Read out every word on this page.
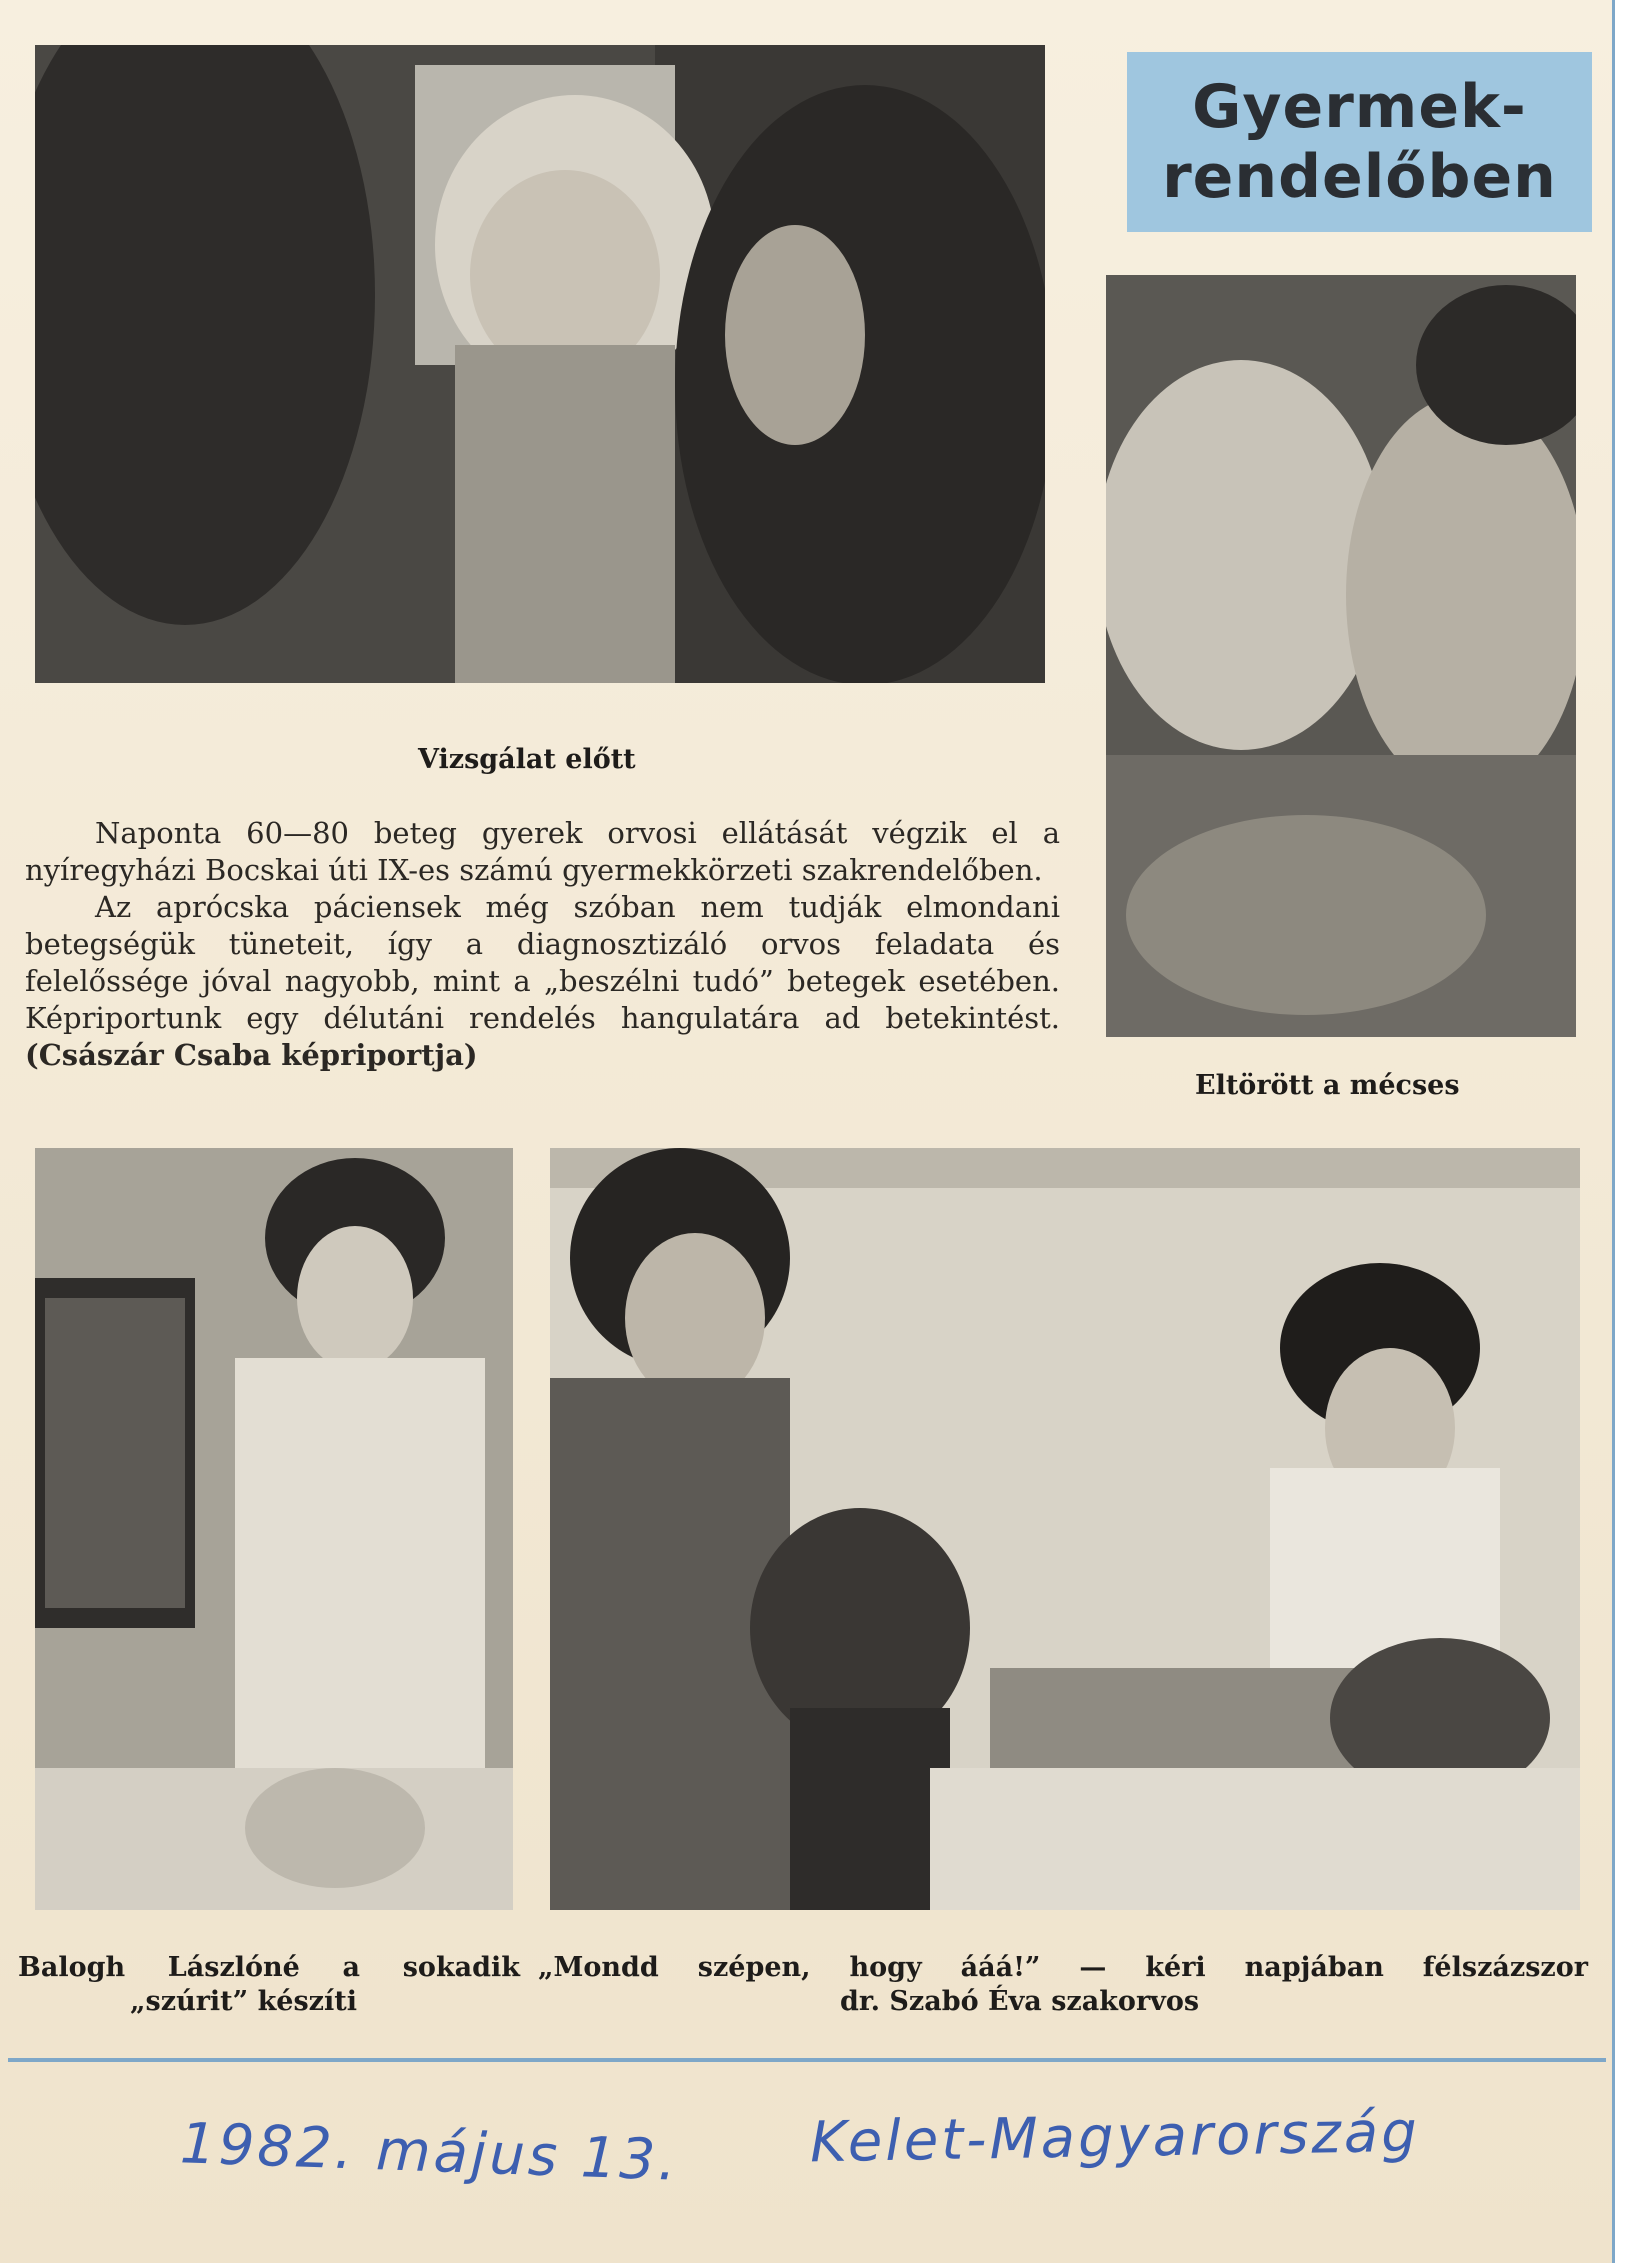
Gyermek-
rendelőben
Vizsgálat előtt

Naponta 60—80 beteg gyerek orvosi ellátását végzik el a nyíregyházi Bocskai úti IX-es számú gyermekkörzeti szakrendelőben.

Az aprócska páciensek még szóban nem tudják elmondani betegségük tüneteit, így a diagnosztizáló orvos feladata és felelőssége jóval nagyobb, mint a „beszélni tudó” betegek esetében. Képriportunk egy délutáni rendelés hangulatára ad betekintést. (Császár Csaba képriportja)

Eltörött a mécses
Balogh Lászlóné a sokadik
„szúrit” készíti
„Mondd szépen, hogy ááá!” — kéri napjában félszázszor
dr. Szabó Éva szakorvos
1982. május 13. Kelet-Magyarország
